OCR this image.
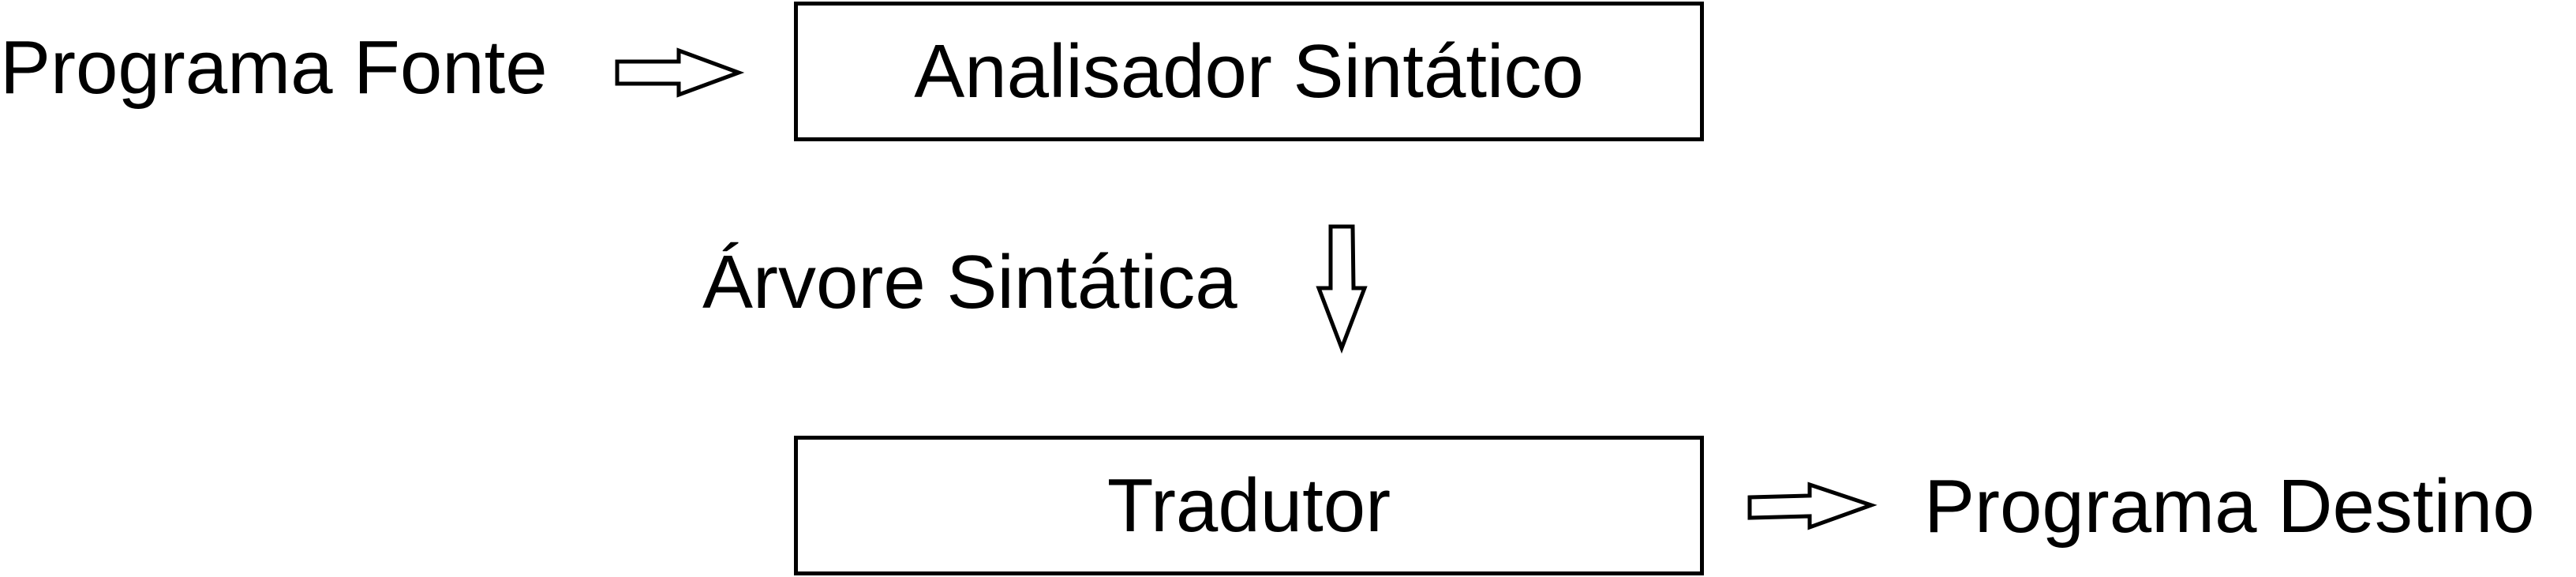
Programa Fonte	Analisador Sintático
Árvore Sintática
Tradutor	Programa Destino
